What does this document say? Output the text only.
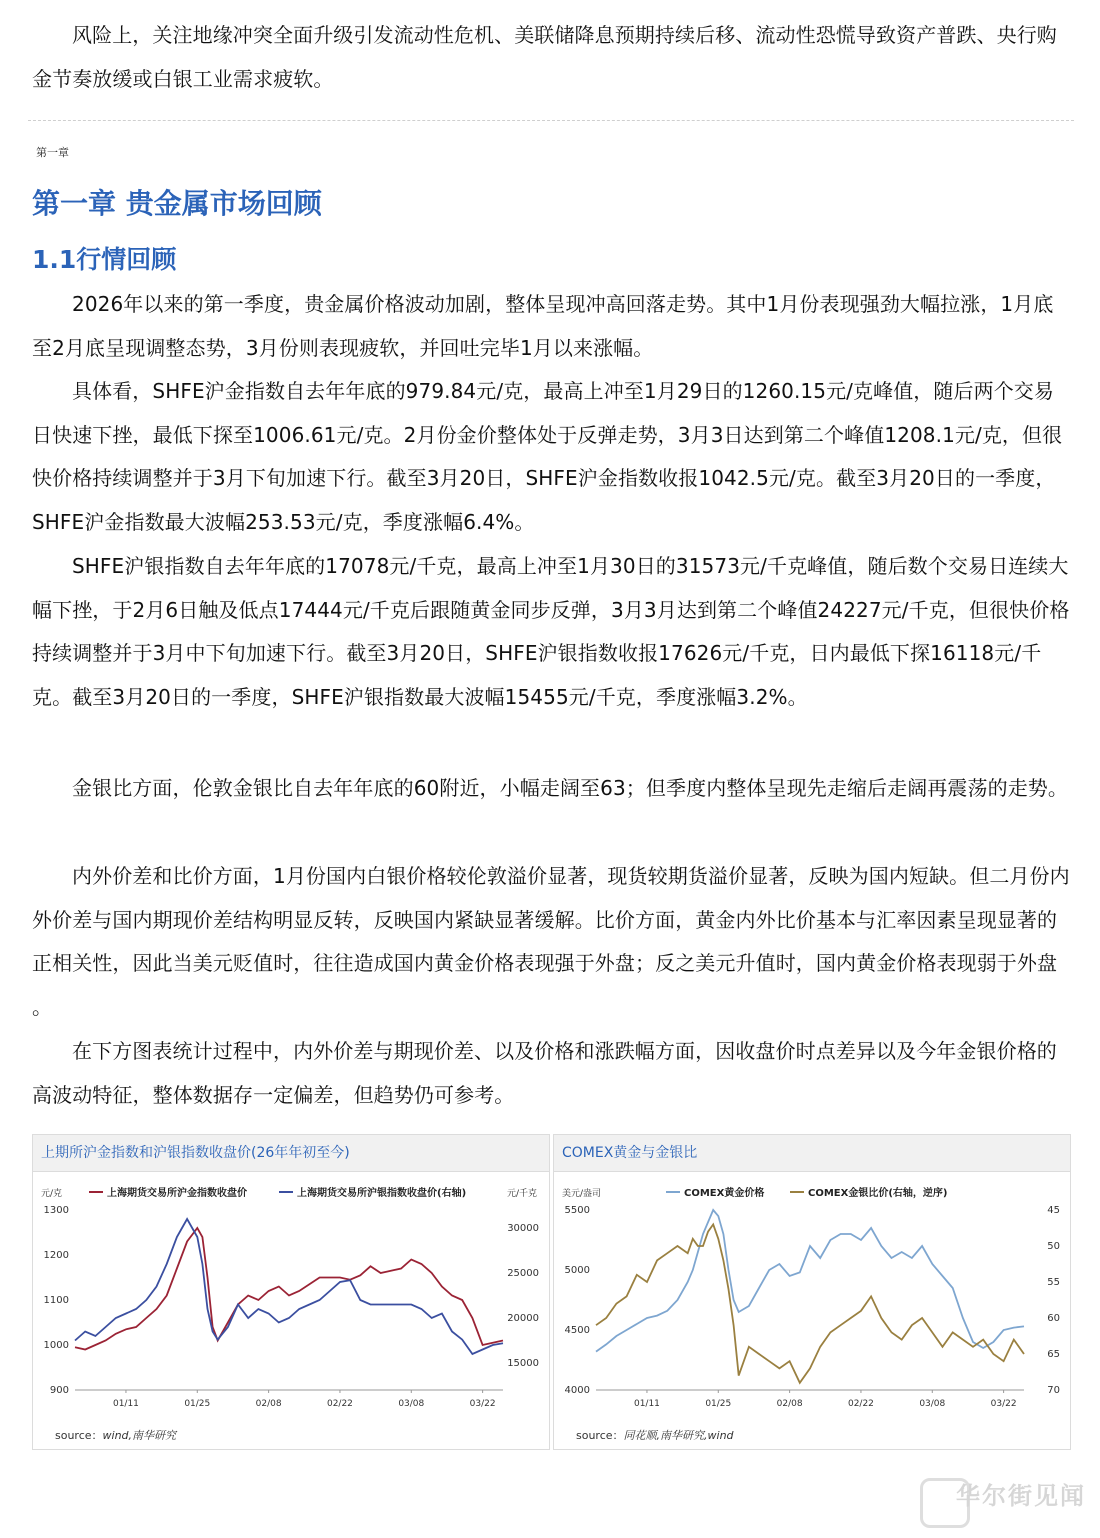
风险上，关注地缘冲突全面升级引发流动性危机、美联储降息预期持续后移、流动性恐慌导致资产普跌、央行购金节奏放缓或白银工业需求疲软。

第一章
第一章 贵金属市场回顾
1.1行情回顾

2026年以来的第一季度，贵金属价格波动加剧，整体呈现冲高回落走势。其中1月份表现强劲大幅拉涨，1月底至2月底呈现调整态势，3月份则表现疲软，并回吐完毕1月以来涨幅。

具体看，SHFE沪金指数自去年年底的979.84元/克，最高上冲至1月29日的1260.15元/克峰值，随后两个交易日快速下挫，最低下探至1006.61元/克。2月份金价整体处于反弹走势，3月3日达到第二个峰值1208.1元/克，但很快价格持续调整并于3月下旬加速下行。截至3月20日，SHFE沪金指数收报1042.5元/克。截至3月20日的一季度，SHFE沪金指数最大波幅253.53元/克，季度涨幅6.4%。

SHFE沪银指数自去年年底的17078元/千克，最高上冲至1月30日的31573元/千克峰值，随后数个交易日连续大幅下挫，于2月6日触及低点17444元/千克后跟随黄金同步反弹，3月3月达到第二个峰值24227元/千克，但很快价格持续调整并于3月中下旬加速下行。截至3月20日，SHFE沪银指数收报17626元/千克，日内最低下探16118元/千克。截至3月20日的一季度，SHFE沪银指数最大波幅15455元/千克，季度涨幅3.2%。

金银比方面，伦敦金银比自去年年底的60附近，小幅走阔至63；但季度内整体呈现先走缩后走阔再震荡的走势。

内外价差和比价方面，1月份国内白银价格较伦敦溢价显著，现货较期货溢价显著，反映为国内短缺。但二月份内外价差与国内期现价差结构明显反转，反映国内紧缺显著缓解。比价方面，黄金内外比价基本与汇率因素呈现显著的正相关性，因此当美元贬值时，往往造成国内黄金价格表现强于外盘；反之美元升值时，国内黄金价格表现弱于外盘 。

在下方图表统计过程中，内外价差与期现价差、以及价格和涨跌幅方面，因收盘价时点差异以及今年金银价格的高波动特征，整体数据存一定偏差，但趋势仍可参考。

上期所沪金指数和沪银指数收盘价(26年年初至今)
元/克	元/千克
1300
1200
1100
1000
900
30000
25000
20000
15000
01/11	01/25	02/08	02/22	03/08	03/22
上海期货交易所沪金指数收盘价	上海期货交易所沪银指数收盘价(右轴)
source：wind,南华研究
COMEX黄金与金银比
美元/盎司
5500
5000
4500
4000
45
50
55
60
65
70
01/11	01/25	02/08	02/22	03/08	03/22
COMEX黄金价格	COMEX金银比价(右轴，逆序)
source：同花顺,南华研究,wind
华尔街见闻
